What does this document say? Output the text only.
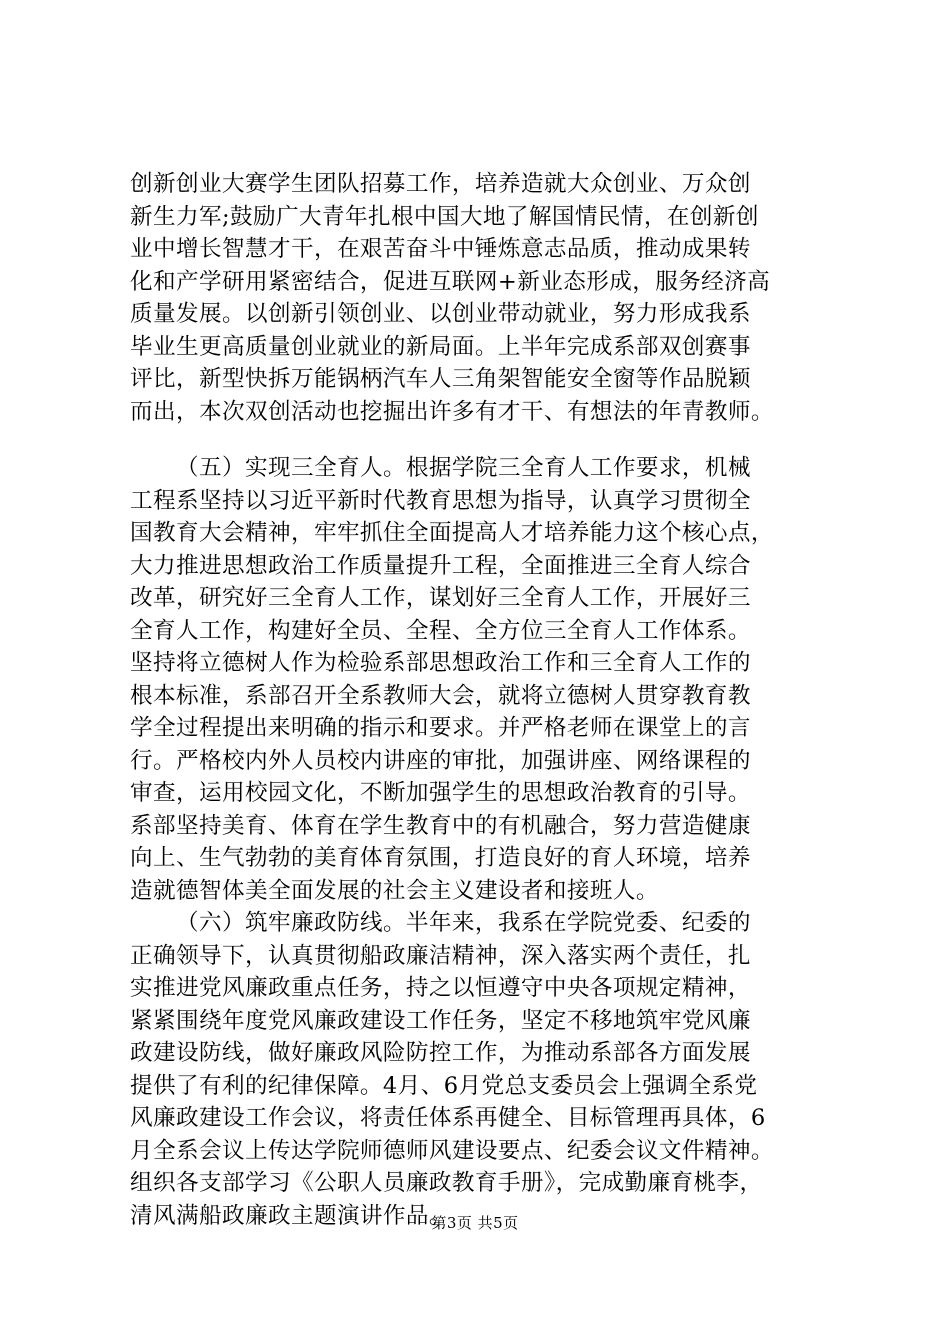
创新创业大赛学生团队招募工作，培养造就大众创业、万众创
新生力军;鼓励广大青年扎根中国大地了解国情民情，在创新创
业中增长智慧才干，在艰苦奋斗中锤炼意志品质，推动成果转
化和产学研用紧密结合，促进互联网+新业态形成，服务经济高
质量发展。以创新引领创业、以创业带动就业，努力形成我系
毕业生更高质量创业就业的新局面。上半年完成系部双创赛事
评比，新型快拆万能锅柄汽车人三角架智能安全窗等作品脱颖
而出，本次双创活动也挖掘出许多有才干、有想法的年青教师。
（五）实现三全育人。根据学院三全育人工作要求，机械
工程系坚持以习近平新时代教育思想为指导，认真学习贯彻全
国教育大会精神，牢牢抓住全面提高人才培养能力这个核心点，
大力推进思想政治工作质量提升工程，全面推进三全育人综合
改革，研究好三全育人工作，谋划好三全育人工作，开展好三
全育人工作，构建好全员、全程、全方位三全育人工作体系。
坚持将立德树人作为检验系部思想政治工作和三全育人工作的
根本标准，系部召开全系教师大会，就将立德树人贯穿教育教
学全过程提出来明确的指示和要求。并严格老师在课堂上的言
行。严格校内外人员校内讲座的审批，加强讲座、网络课程的
审查，运用校园文化，不断加强学生的思想政治教育的引导。
系部坚持美育、体育在学生教育中的有机融合，努力营造健康
向上、生气勃勃的美育体育氛围，打造良好的育人环境，培养
造就德智体美全面发展的社会主义建设者和接班人。
（六）筑牢廉政防线。半年来，我系在学院党委、纪委的
正确领导下，认真贯彻船政廉洁精神，深入落实两个责任，扎
实推进党风廉政重点任务，持之以恒遵守中央各项规定精神，
紧紧围绕年度党风廉政建设工作任务，坚定不移地筑牢党风廉
政建设防线，做好廉政风险防控工作，为推动系部各方面发展
提供了有利的纪律保障。4月、6月党总支委员会上强调全系党
风廉政建设工作会议，将责任体系再健全、目标管理再具体，6
月全系会议上传达学院师德师风建设要点、纪委会议文件精神。
组织各支部学习《公职人员廉政教育手册》，完成勤廉育桃李，
清风满船政廉政主题演讲作品。
第3页 共5页
